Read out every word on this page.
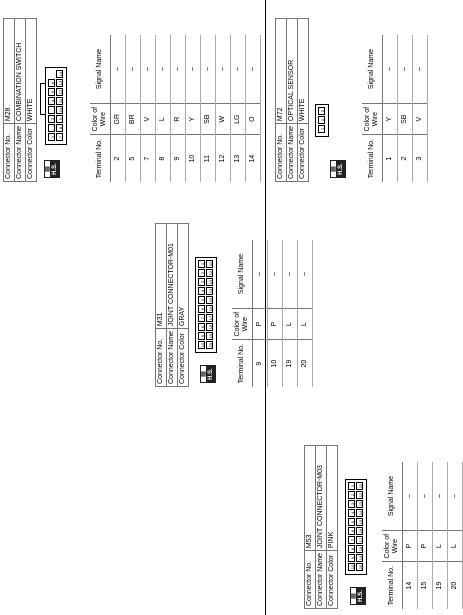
Connector No.	M28
Connector Name	COMBINATION SWITCH
Connector Color	WHITE
▤ H.S.
1
3
4
5
6
7
8
9
10
11
12
13
14
Terminal No.	Color of Wire	Signal Name
2	GR	–
5	BR	–
7	V	–
8	L	–
9	R	–
10	Y	–
11	SB	–
12	W	–
13	LG	–
14	O	–
Connector No.	M72
Connector Name	OPTICAL SENSOR
Connector Color	WHITE
▤ H.S.
1
2
3
Terminal No.	Color of Wire	Signal Name
1	Y	–
2	SB	–
3	V	–
Connector No.	M31
Connector Name	JOINT CONNECTOR-M01
Connector Color	GRAY
▤ H.S.
10
9
8
7
6
5
4
3
2
1
20
19
18
17
16
15
14
13
12
11
Terminal No.	Color of Wire	Signal Name
9	P	–
10	P	–
19	L	–
20	L	–
Connector No.	M53
Connector Name	JOINT CONNECTOR-M03
Connector Color	PINK
▤ H.S.
10
9
8
7
6
5
4
3
2
1
20
19
18
17
16
15
14
13
12
11
Terminal No.	Color of Wire	Signal Name
14	P	–
15	P	–
19	L	–
20	L	–
